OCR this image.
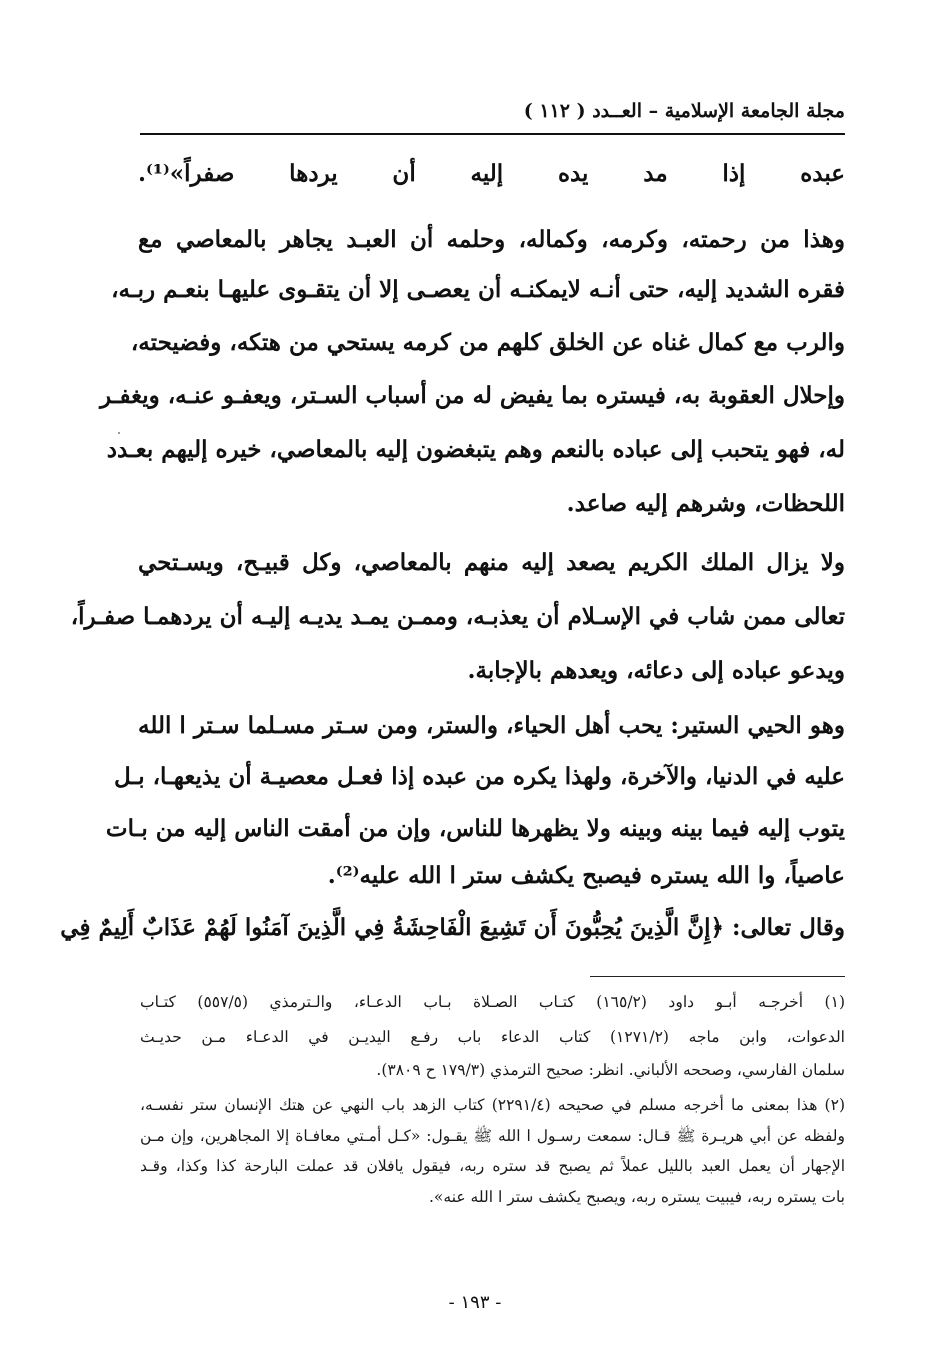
مجلة الجامعة الإسلامية – العــدد ( ١١٢ )
عبده إذا مد يده إليه أن يردها صفراً»⁽¹⁾.
وهذا من رحمته، وكرمه، وكماله، وحلمه أن العبـد يجاهر بالمعاصي مع
فقره الشديد إليه، حتى أنـه لايمكنـه أن يعصـى إلا أن يتقـوى عليهـا بنعـم ربـه،
والرب مع كمال غناه عن الخلق كلهم من كرمه يستحي من هتكه، وفضيحته،
وإحلال العقوبة به، فيستره بما يفيض له من أسباب السـتر، ويعفـو عنـه، ويغفـر
له، فهو يتحبب إلى عباده بالنعم وهم يتبغضون إليه بالمعاصي، خيره إليهم بعـدد
اللحظات، وشرهم إليه صاعد.
ولا يزال الملك الكريم يصعد إليه منهم بالمعاصي، وكل قبيـح، ويسـتحي
تعالى ممن شاب في الإسـلام أن يعذبـه، وممـن يمـد يديـه إليـه أن يردهمـا صفـراً،
ويدعو عباده إلى دعائه، ويعدهم بالإجابة.
وهو الحيي الستير: يحب أهل الحياء، والستر، ومن سـتر مسـلما سـتر ا الله
عليه في الدنيا، والآخرة، ولهذا يكره من عبده إذا فعـل معصيـة أن يذيعهـا، بـل
يتوب إليه فيما بينه وبينه ولا يظهرها للناس، وإن من أمقت الناس إليه من بـات
عاصياً، وا الله يستره فيصبح يكشف ستر ا الله عليه⁽²⁾.
وقال تعالى: ﴿إِنَّ الَّذِينَ يُحِبُّونَ أَن تَشِيعَ الْفَاحِشَةُ فِي الَّذِينَ آمَنُوا لَهُمْ عَذَابٌ أَلِيمٌ فِي
(١) أخرجـه أبـو داود (١٦٥/٢) كتـاب الصـلاة بـاب الدعـاء، والـترمذي (٥٥٧/٥) كتـاب
الدعوات، وابن ماجه (١٢٧١/٢) كتاب الدعاء باب رفـع اليديـن في الدعـاء مـن حديـث
سلمان الفارسي، وصححه الألباني. انظر: صحيح الترمذي (١٧٩/٣ ح ٣٨٠٩).
(٢) هذا بمعنى ما أخرجه مسلم في صحيحه (٢٢٩١/٤) كتاب الزهد باب النهي عن هتك الإنسان ستر نفسـه،
ولفظه عن أبي هريـرة ﷺ قـال: سمعت رسـول ا الله ﷺ يقـول: «كـل أمـتي معافـاة إلا المجاهرين، وإن مـن
الإجهار أن يعمل العبد بالليل عملاً ثم يصبح قد ستره ربه، فيقول يافلان قد عملت البارحة كذا وكذا، وقـد
بات يستره ربه، فيبيت يستره ربه، ويصبح يكشف ستر ا الله عنه».
- ١٩٣ -
